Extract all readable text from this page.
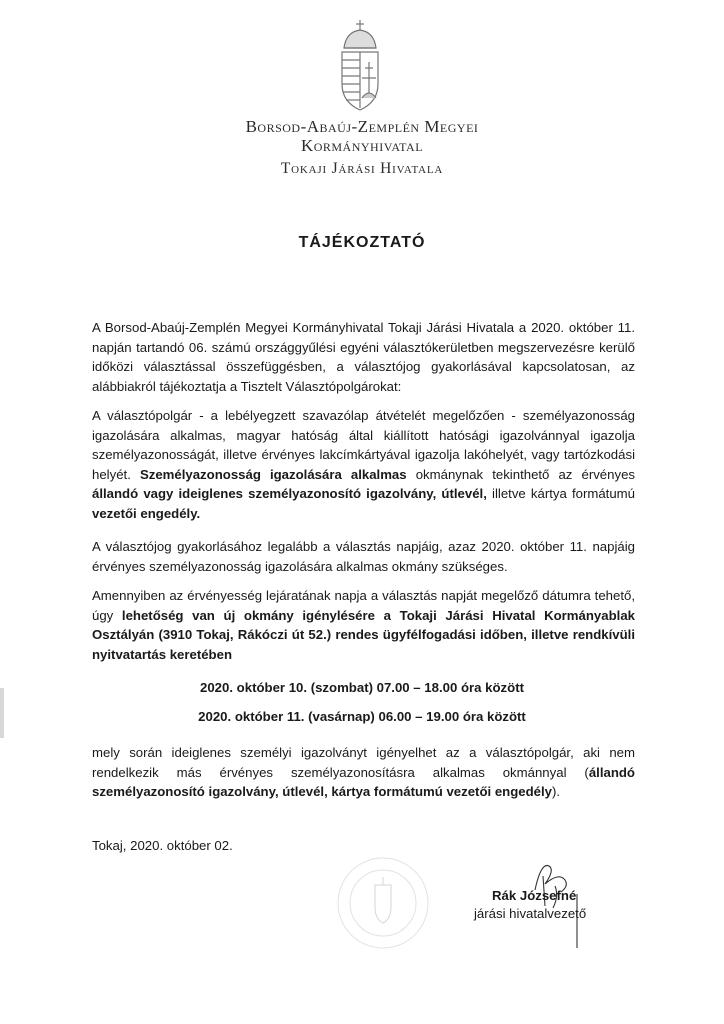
Borsod-Abaúj-Zemplén Megyei
Kormányhivatal
Tokaji Járási Hivatala
TÁJÉKOZTATÓ

A Borsod-Abaúj-Zemplén Megyei Kormányhivatal Tokaji Járási Hivatala a 2020. október 11. napján tartandó 06. számú országgyűlési egyéni választókerületben megszervezésre kerülő időközi választással összefüggésben, a választójog gyakorlásával kapcsolatosan, az alábbiakról tájékoztatja a Tisztelt Választópolgárokat:

A választópolgár - a lebélyegzett szavazólap átvételét megelőzően - személyazonosság igazolására alkalmas, magyar hatóság által kiállított hatósági igazolvánnyal igazolja személyazonosságát, illetve érvényes lakcímkártyával igazolja lakóhelyét, vagy tartózkodási helyét. Személyazonosság igazolására alkalmas okmánynak tekinthető az érvényes állandó vagy ideiglenes személyazonosító igazolvány, útlevél, illetve kártya formátumú vezetői engedély.

A választójog gyakorlásához legalább a választás napjáig, azaz 2020. október 11. napjáig érvényes személyazonosság igazolására alkalmas okmány szükséges.

Amennyiben az érvényesség lejáratának napja a választás napját megelőző dátumra tehető, úgy lehetőség van új okmány igénylésére a Tokaji Járási Hivatal Kormányablak Osztályán (3910 Tokaj, Rákóczi út 52.) rendes ügyfélfogadási időben, illetve rendkívüli nyitvatartás keretében

2020. október 10. (szombat) 07.00 – 18.00 óra között
2020. október 11. (vasárnap) 06.00 – 19.00 óra között

mely során ideiglenes személyi igazolványt igényelhet az a választópolgár, aki nem rendelkezik más érvényes személyazonosításra alkalmas okmánnyal (állandó személyazonosító igazolvány, útlevél, kártya formátumú vezetői engedély).

Tokaj, 2020. október 02.
Rák Józsefné
járási hivatalvezető
